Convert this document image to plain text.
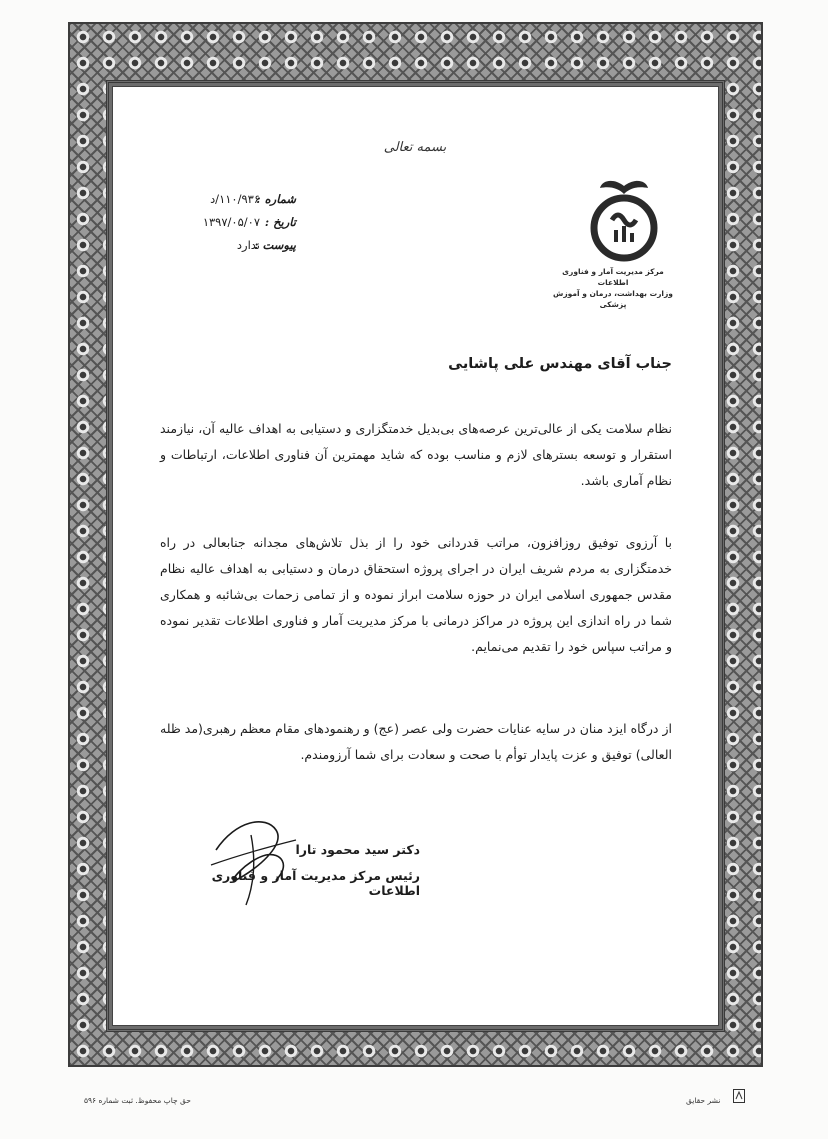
بسمه تعالی
مرکز مدیریت آمار و فناوری اطلاعات
وزارت بهداشت، درمان و آموزش پزشکی
شماره :
تاریخ :
پیوست :
۱۱۰/۹۳۶/د
۱۳۹۷/۰۵/۰۷
ندارد
جناب آقای مهندس علی پاشایی
نظام سلامت یکی از عالی‌ترین عرصه‌های بی‌بدیل خدمتگزاری و دستیابی به اهداف عالیه آن، نیازمند استقرار و توسعه بسترهای لازم و مناسب بوده که شاید مهمترین آن فناوری اطلاعات، ارتباطات و نظام آماری باشد.
با آرزوی توفیق روزافزون، مراتب قدردانی خود را از بذل تلاش‌های مجدانه جنابعالی در راه خدمتگزاری به مردم شریف ایران در اجرای پروژه استحقاق درمان و دستیابی به اهداف عالیه نظام مقدس جمهوری اسلامی ایران در حوزه سلامت ابراز نموده و از تمامی زحمات بی‌شائبه و همکاری شما در راه اندازی این پروژه در مراکز درمانی با مرکز مدیریت آمار و فناوری اطلاعات تقدیر نموده و مراتب سپاس خود را تقدیم می‌نمایم.
از درگاه ایزد منان در سایه عنایات حضرت ولی عصر (عج) و رهنمودهای مقام معظم رهبری(مد ظله العالی) توفیق و عزت پایدار توأم با صحت و سعادت برای شما آرزومندم.
دکتر سید محمود تارا
رئیس مرکز مدیریت آمار و فناوری اطلاعات
حق چاپ محفوظ. ثبت شماره ۵۹۶	نشر حقایق
